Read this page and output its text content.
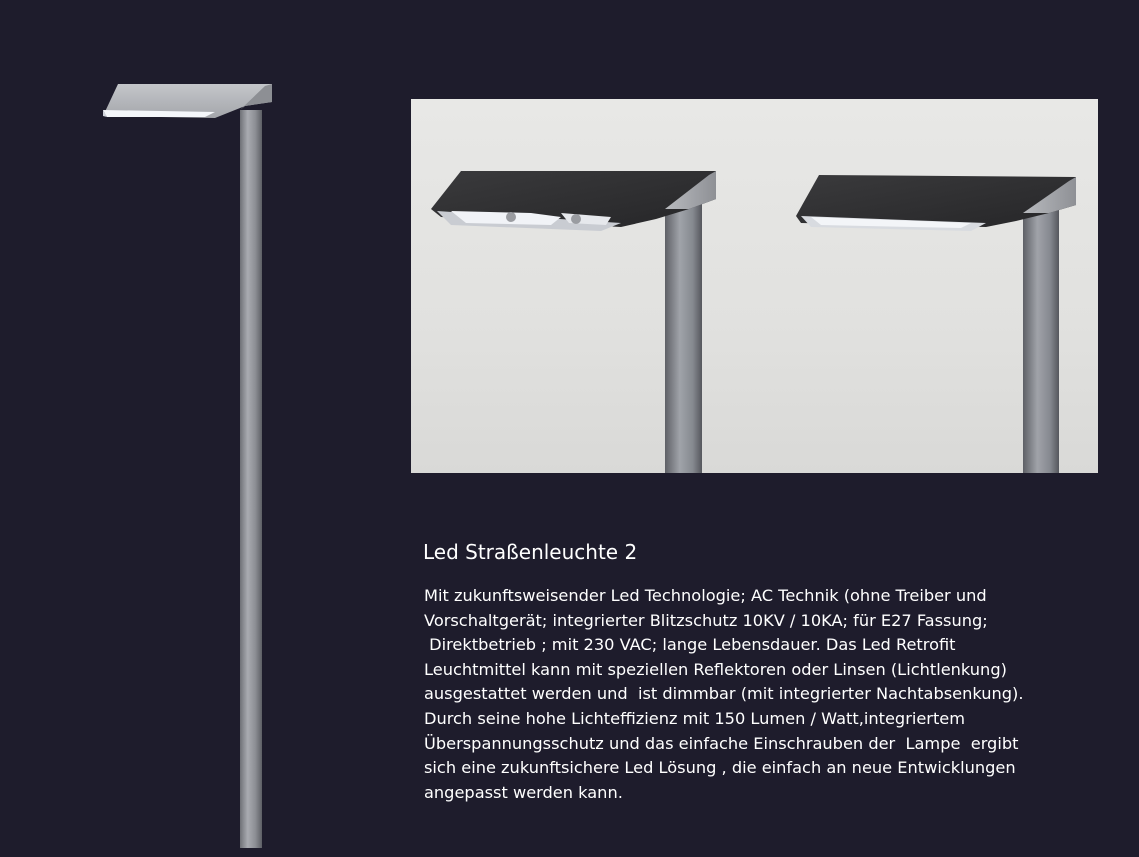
Led Straßenleuchte 2
Mit zukunftsweisender Led Technologie; AC Technik (ohne Treiber und
Vorschaltgerät; integrierter Blitzschutz 10KV / 10KA; für E27 Fassung;
Direktbetrieb ; mit 230 VAC; lange Lebensdauer. Das Led Retrofit
Leuchtmittel kann mit speziellen Reflektoren oder Linsen (Lichtlenkung)
ausgestattet werden und  ist dimmbar (mit integrierter Nachtabsenkung).
Durch seine hohe Lichteffizienz mit 150 Lumen / Watt,integriertem
Überspannungsschutz und das einfache Einschrauben der  Lampe  ergibt
sich eine zukunftsichere Led Lösung , die einfach an neue Entwicklungen
angepasst werden kann.
